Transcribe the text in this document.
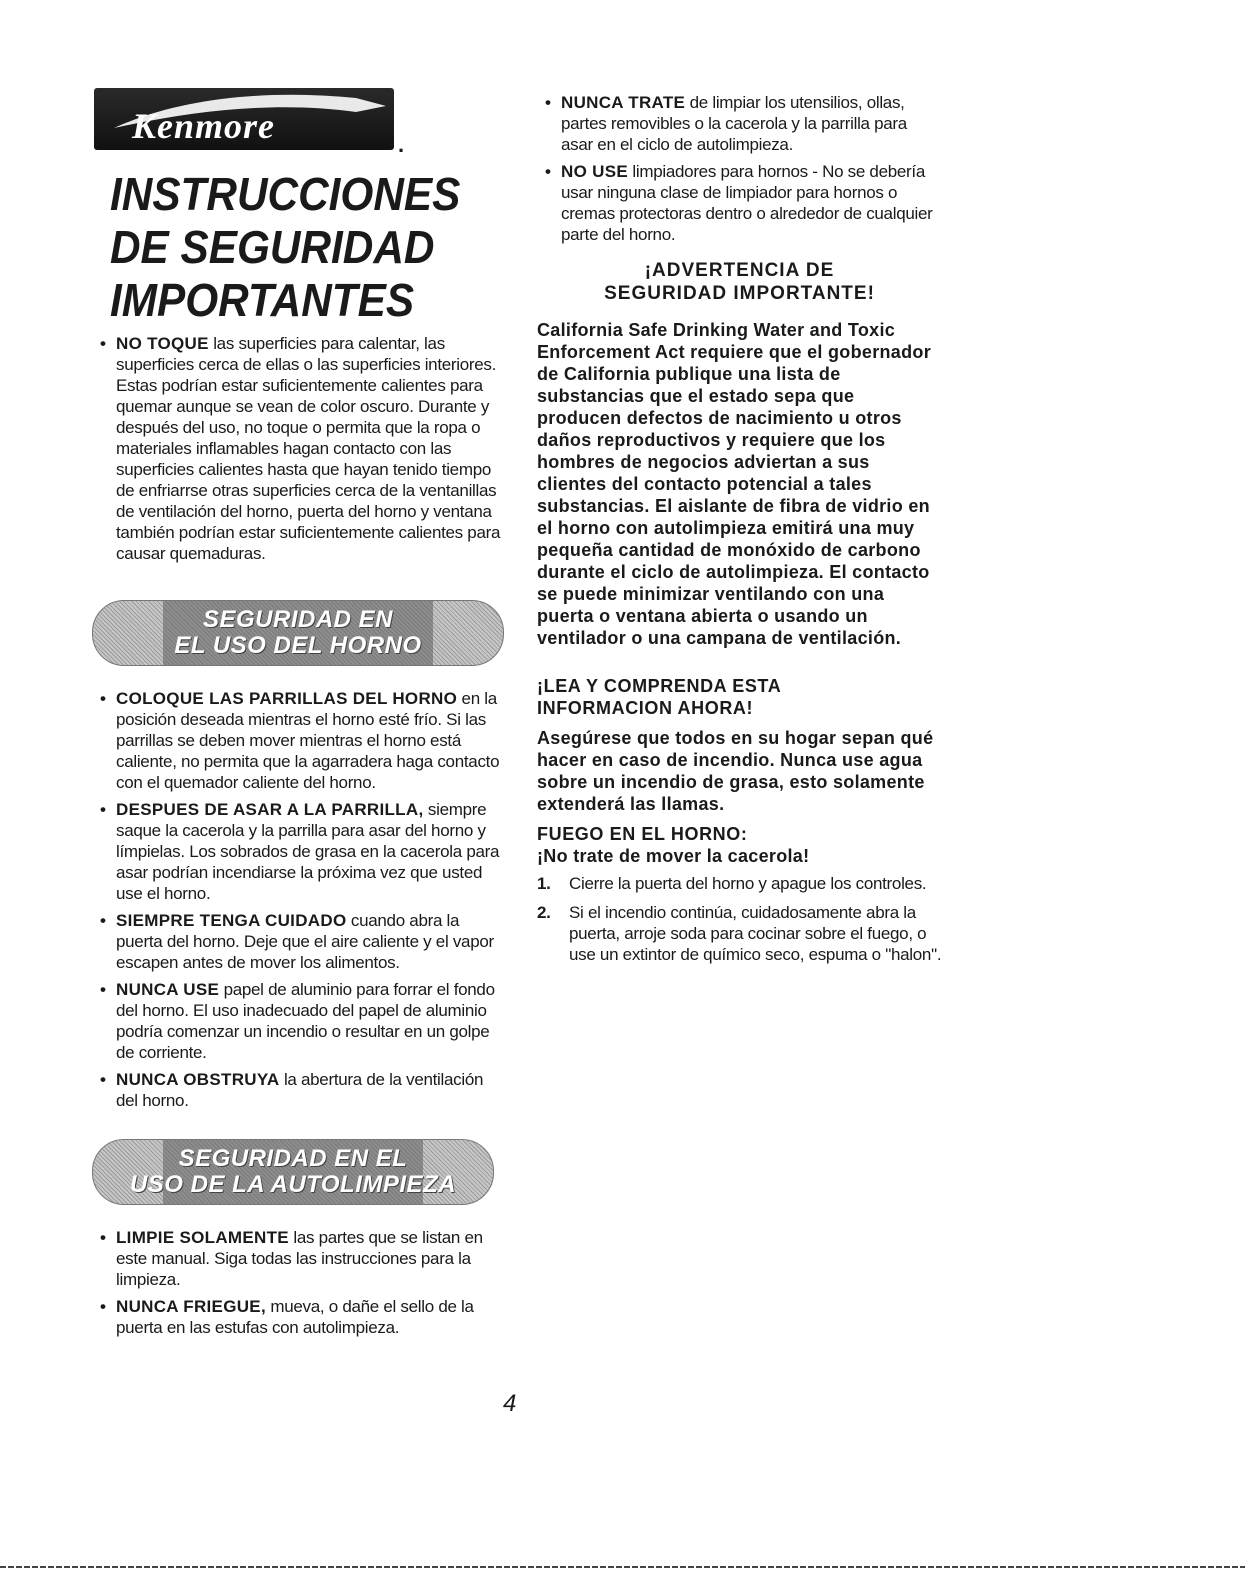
Kenmore	.
INSTRUCCIONES
DE SEGURIDAD
IMPORTANTES
• NO TOQUE las superficies para calentar, las superficies cerca de ellas o las superficies interiores. Estas podrían estar suficientemente calientes para quemar aunque se vean de color oscuro. Durante y después del uso, no toque o permita que la ropa o materiales inflamables hagan contacto con las superficies calientes hasta que hayan tenido tiempo de enfriarrse otras superficies cerca de la ventanillas de ventilación del horno, puerta del horno y ventana también podrían estar suficientemente calientes para causar quemaduras.
SEGURIDAD EN
EL USO DEL HORNO
• COLOQUE LAS PARRILLAS DEL HORNO en la posición deseada mientras el horno esté frío. Si las parrillas se deben mover mientras el horno está caliente, no permita que la agarradera haga contacto con el quemador caliente del horno.
• DESPUES DE ASAR A LA PARRILLA, siempre saque la cacerola y la parrilla para asar del horno y límpielas. Los sobrados de grasa en la cacerola para asar podrían incendiarse la próxima vez que usted use el horno.
• SIEMPRE TENGA CUIDADO cuando abra la puerta del horno. Deje que el aire caliente y el vapor escapen antes de mover los alimentos.
• NUNCA USE papel de aluminio para forrar el fondo del horno. El uso inadecuado del papel de aluminio podría comenzar un incendio o resultar en un golpe de corriente.
• NUNCA OBSTRUYA la abertura de la ventilación del horno.
SEGURIDAD EN EL
USO DE LA AUTOLIMPIEZA
• LIMPIE SOLAMENTE las partes que se listan en este manual. Siga todas las instrucciones para la limpieza.
• NUNCA FRIEGUE, mueva, o dañe el sello de la puerta en las estufas con autolimpieza.
• NUNCA TRATE de limpiar los utensilios, ollas, partes removibles o la cacerola y la parrilla para asar en el ciclo de autolimpieza.
• NO USE limpiadores para hornos - No se debería usar ninguna clase de limpiador para hornos o cremas protectoras dentro o alrededor de cualquier parte del horno.
¡ADVERTENCIA DE
SEGURIDAD IMPORTANTE!

California Safe Drinking Water and Toxic Enforcement Act requiere que el gobernador de California publique una lista de substancias que el estado sepa que producen defectos de nacimiento u otros daños reproductivos y requiere que los hombres de negocios adviertan a sus clientes del contacto potencial a tales substancias. El aislante de fibra de vidrio en el horno con autolimpieza emitirá una muy pequeña cantidad de monóxido de carbono durante el ciclo de autolimpieza. El contacto se puede minimizar ventilando con una puerta o ventana abierta o usando un ventilador o una campana de ventilación.

¡LEA Y COMPRENDA ESTA
INFORMACION AHORA!

Asegúrese que todos en su hogar sepan qué hacer en caso de incendio. Nunca use agua sobre un incendio de grasa, esto solamente extenderá las llamas.

FUEGO EN EL HORNO:
¡No trate de mover la cacerola!
1. Cierre la puerta del horno y apague los controles.
2. Si el incendio continúa, cuidadosamente abra la puerta, arroje soda para cocinar sobre el fuego, o use un extintor de químico seco, espuma o "halon".
4
